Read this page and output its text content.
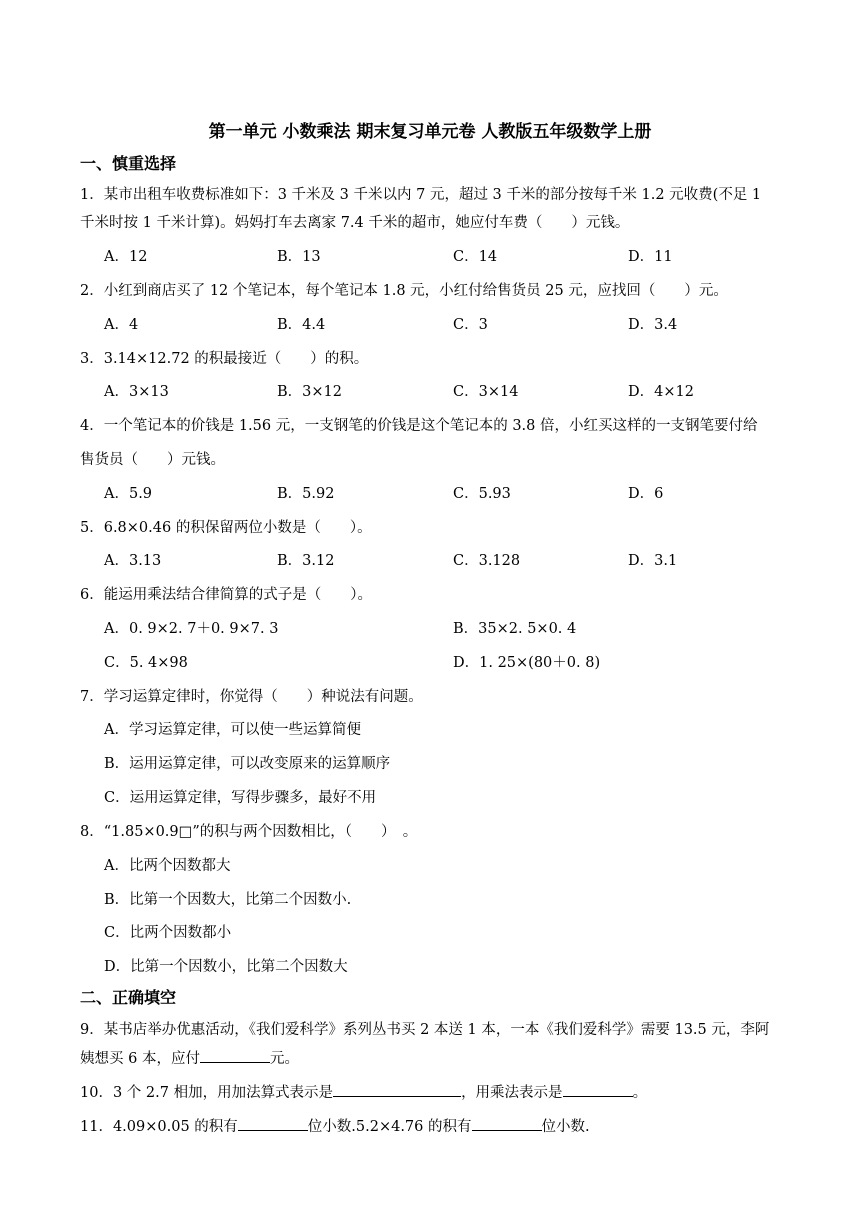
第一单元 小数乘法 期末复习单元卷 人教版五年级数学上册
一、慎重选择
1．某市出租车收费标准如下：3 千米及 3 千米以内 7 元，超过 3 千米的部分按每千米 1.2 元收费(不足 1
千米时按 1 千米计算)。妈妈打车去离家 7.4 千米的超市，她应付车费（　　）元钱。
A．12	B．13	C．14	D．11
2．小红到商店买了 12 个笔记本，每个笔记本 1.8 元，小红付给售货员 25 元，应找回（　　）元。
A．4	B．4.4	C．3	D．3.4
3．3.14×12.72 的积最接近（　　）的积。
A．3×13	B．3×12	C．3×14	D．4×12
4．一个笔记本的价钱是 1.56 元，一支钢笔的价钱是这个笔记本的 3.8 倍，小红买这样的一支钢笔要付给
售货员（　　）元钱。
A．5.9	B．5.92	C．5.93	D．6
5．6.8×0.46 的积保留两位小数是（　　）。
A．3.13	B．3.12	C．3.128	D．3.1
6．能运用乘法结合律简算的式子是（　　）。
A．0. 9×2. 7＋0. 9×7. 3	B．35×2. 5×0. 4
C．5. 4×98	D．1. 25×(80＋0. 8)
7．学习运算定律时，你觉得（　　）种说法有问题。
A．学习运算定律，可以使一些运算简便
B．运用运算定律，可以改变原来的运算顺序
C．运用运算定律，写得步骤多，最好不用
8．“1.85×0.9□”的积与两个因数相比，（　　）　。
A．比两个因数都大
B．比第一个因数大，比第二个因数小.
C．比两个因数都小
D．比第一个因数小，比第二个因数大
二、正确填空
9．某书店举办优惠活动，《我们爱科学》系列丛书买 2 本送 1 本，一本《我们爱科学》需要 13.5 元，李阿
姨想买 6 本，应付	元。
10．3 个 2.7 相加，用加法算式表示是	，用乘法表示是	。
11．4.09×0.05 的积有	位小数.5.2×4.76 的积有	位小数.
